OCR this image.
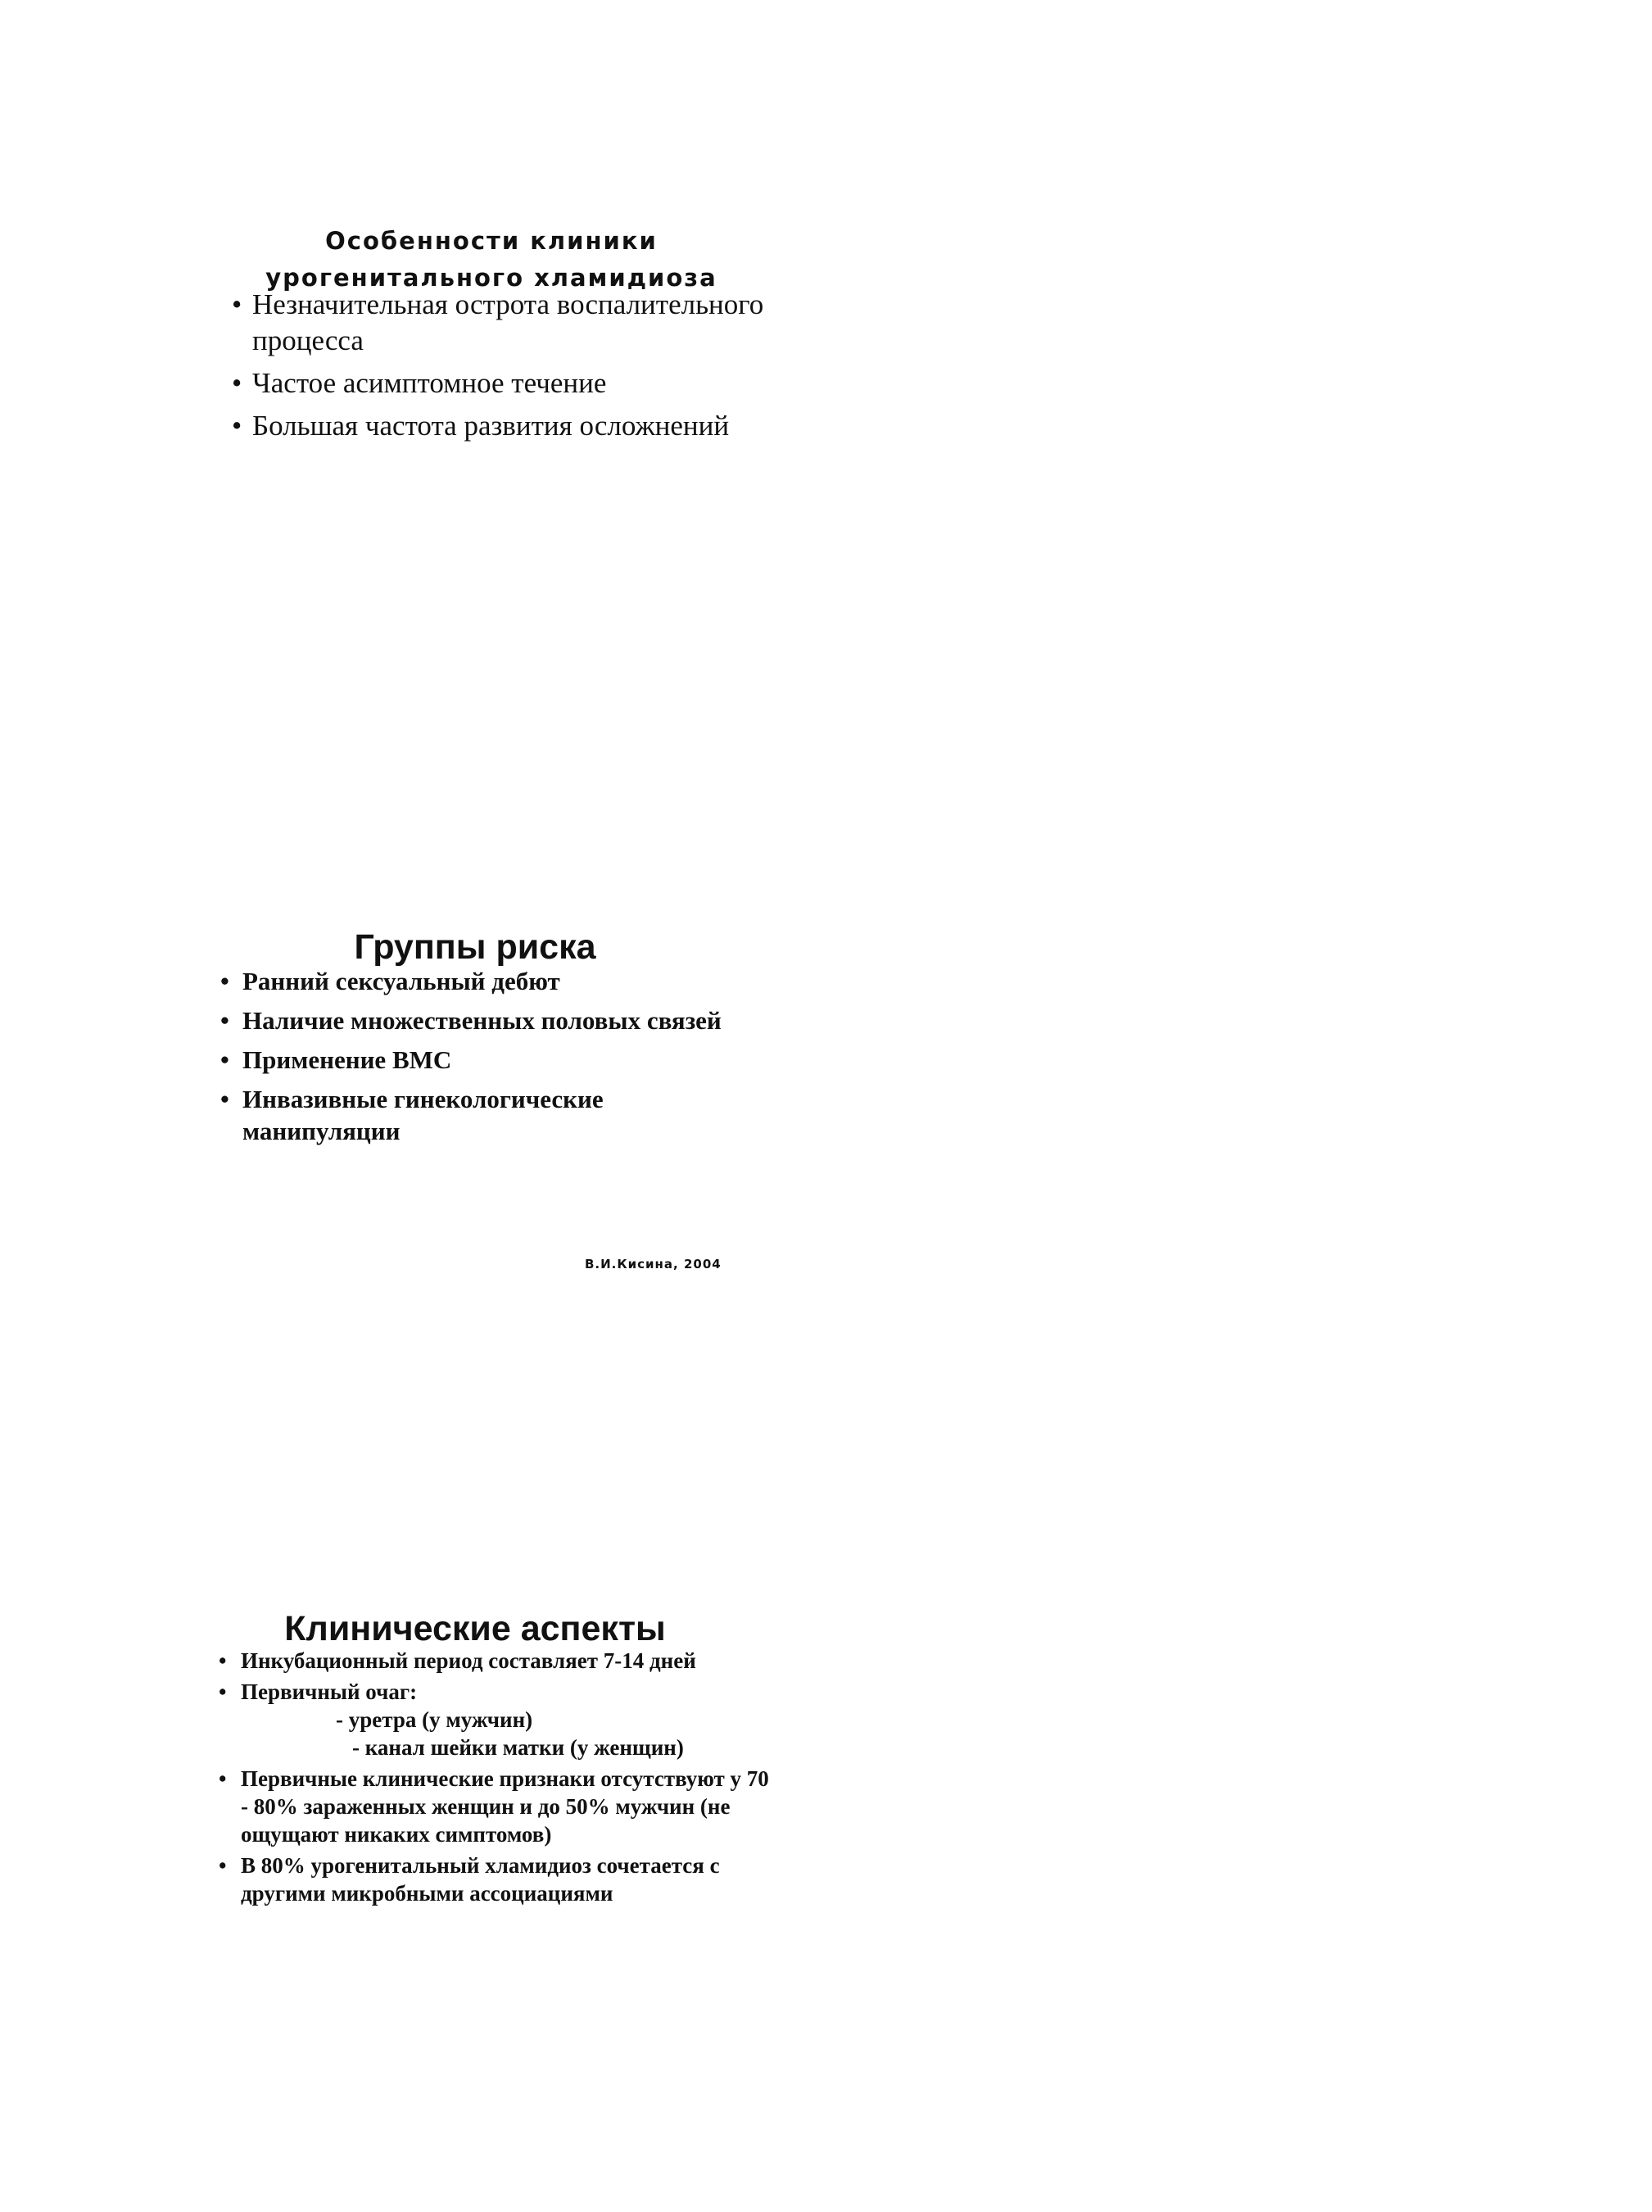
Особенности клиники
урогенитального хламидиоза
• Незначительная острота воспалительного процесса
• Частое асимптомное течение
• Большая частота развития осложнений
Группы риска
• Ранний сексуальный дебют
• Наличие множественных половых связей
• Применение ВМС
• Инвазивные гинекологические манипуляции
В.И.Кисина, 2004
Клинические аспекты
• Инкубационный период составляет 7-14 дней
• Первичный очаг:
- уретра (у мужчин)
- канал шейки матки (у женщин)
• Первичные клинические признаки отсутствуют у 70 - 80% зараженных женщин и до 50% мужчин (не ощущают никаких симптомов)
• В 80% урогенитальный хламидиоз сочетается с другими микробными ассоциациями
